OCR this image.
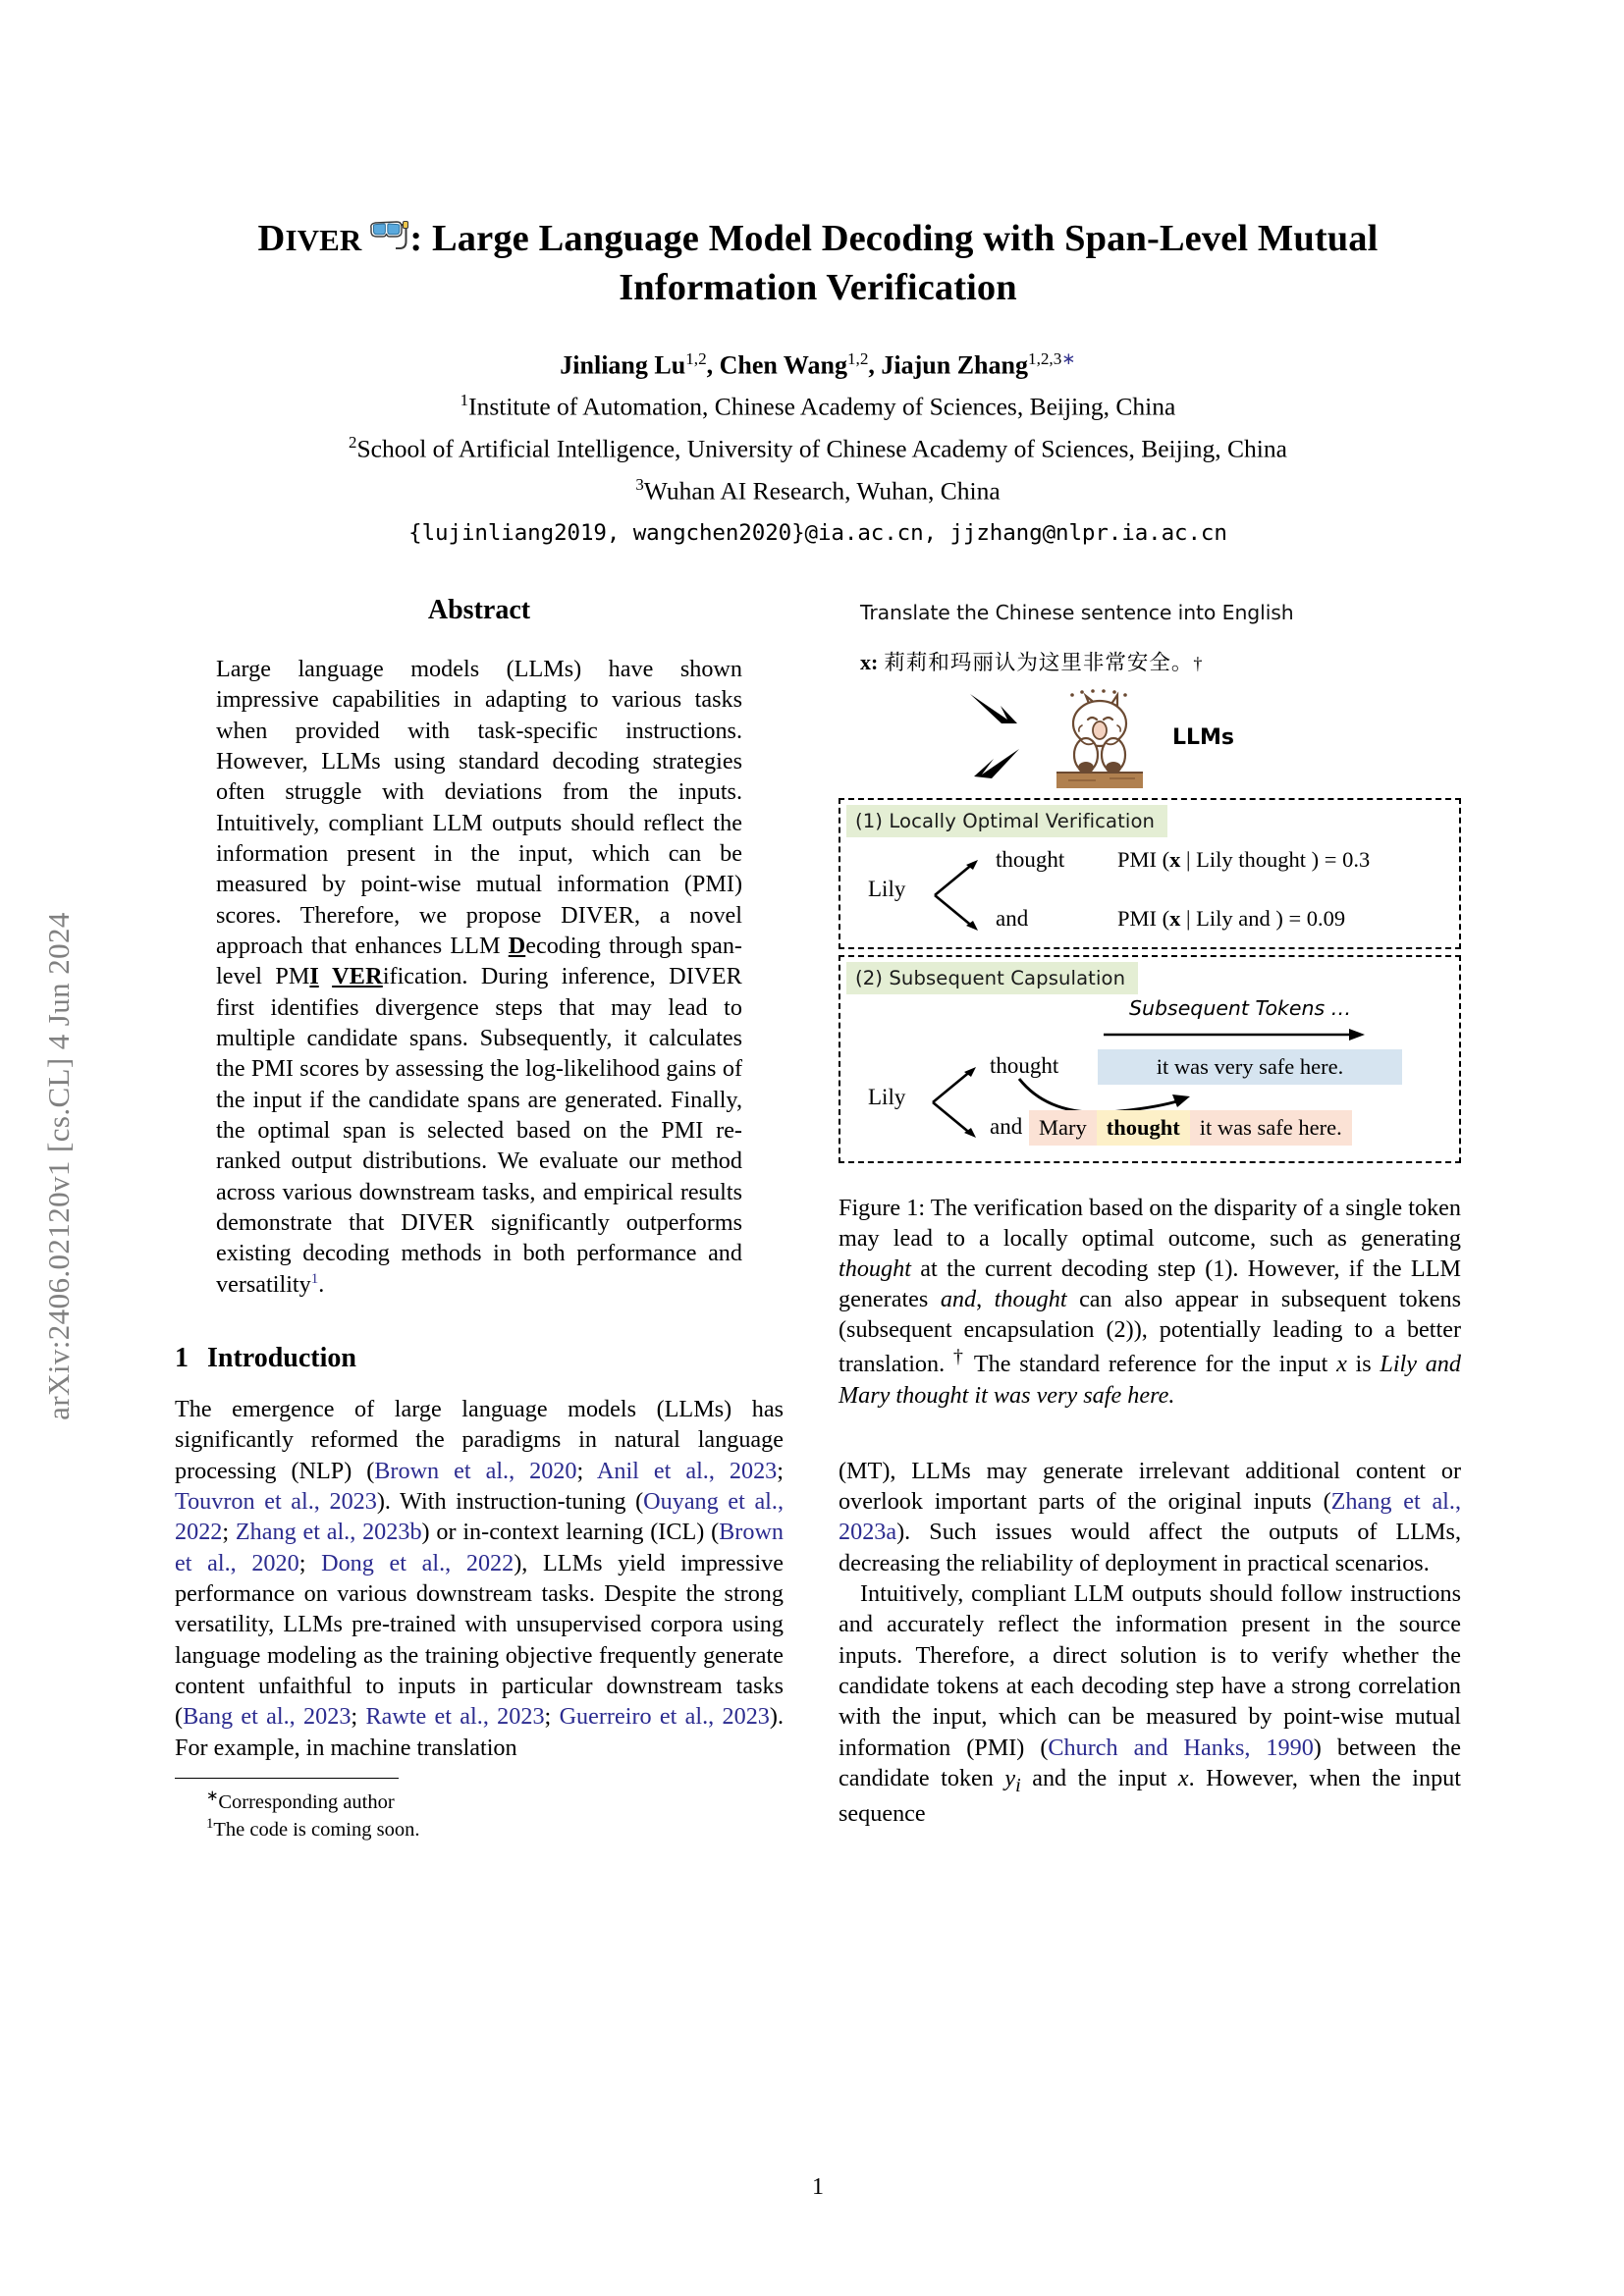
arXiv:2406.02120v1 [cs.CL] 4 Jun 2024
DIVER : Large Language Model Decoding with Span-Level Mutual Information Verification
Jinliang Lu$^{1,2}$, Chen Wang$^{1,2}$, Jiajun Zhang$^{1,2,3∗}$
$^1$Institute of Automation, Chinese Academy of Sciences, Beijing, China
$^2$School of Artificial Intelligence, University of Chinese Academy of Sciences, Beijing, China
$^3$Wuhan AI Research, Wuhan, China
{lujinliang2019, wangchen2020}@ia.ac.cn, jjzhang@nlpr.ia.ac.cn
Abstract
Large language models (LLMs) have shown impressive capabilities in adapting to various tasks when provided with task-specific instructions. However, LLMs using standard decoding strategies often struggle with deviations from the inputs. Intuitively, compliant LLM outputs should reflect the information present in the input, which can be measured by point-wise mutual information (PMI) scores. Therefore, we propose DIVER, a novel approach that enhances LLM Decoding through span-level PMI VERification. During inference, DIVER first identifies divergence steps that may lead to multiple candidate spans. Subsequently, it calculates the PMI scores by assessing the log-likelihood gains of the input if the candidate spans are generated. Finally, the optimal span is selected based on the PMI re-ranked output distributions. We evaluate our method across various downstream tasks, and empirical results demonstrate that DIVER significantly outperforms existing decoding methods in both performance and versatility$^1$.
1 Introduction

The emergence of large language models (LLMs) has significantly reformed the paradigms in natural language processing (NLP) (Brown et al., 2020; Anil et al., 2023; Touvron et al., 2023). With instruction-tuning (Ouyang et al., 2022; Zhang et al., 2023b) or in-context learning (ICL) (Brown et al., 2020; Dong et al., 2022), LLMs yield impressive performance on various downstream tasks. Despite the strong versatility, LLMs pre-trained with unsupervised corpora using language modeling as the training objective frequently generate content unfaithful to inputs in particular downstream tasks (Bang et al., 2023; Rawte et al., 2023; Guerreiro et al., 2023). For example, in machine translation

∗Corresponding author
$^1$The code is coming soon.
Translate the Chinese sentence into English
x: 莉莉和玛丽认为这里非常安全。†
LLMs
(1) Locally Optimal Verification
Lily
thought
and
PMI (x | Lily thought ) = 0.3
PMI (x | Lily and ) = 0.09
(2) Subsequent Capsulation
Subsequent Tokens …
Lily
thought
and
it was very safe here.
Mary thought it was safe here.
Figure 1: The verification based on the disparity of a single token may lead to a locally optimal outcome, such as generating thought at the current decoding step (1). However, if the LLM generates and, thought can also appear in subsequent tokens (subsequent encapsulation (2)), potentially leading to a better translation. † The standard reference for the input x is Lily and Mary thought it was very safe here.

(MT), LLMs may generate irrelevant additional content or overlook important parts of the original inputs (Zhang et al., 2023a). Such issues would affect the outputs of LLMs, decreasing the reliability of deployment in practical scenarios.

Intuitively, compliant LLM outputs should follow instructions and accurately reflect the information present in the source inputs. Therefore, a direct solution is to verify whether the candidate tokens at each decoding step have a strong correlation with the input, which can be measured by point-wise mutual information (PMI) (Church and Hanks, 1990) between the candidate token $y_i$ and the input x. However, when the input sequence

1
